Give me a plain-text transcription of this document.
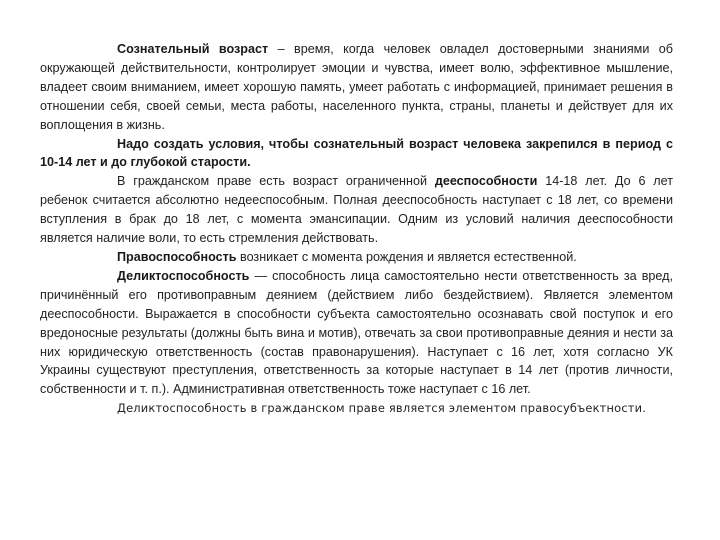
Сознательный возраст – время, когда человек овладел достоверными знаниями об окружающей действительности, контролирует эмоции и чувства, имеет волю, эффективное мышление, владеет своим вниманием, имеет хорошую память, умеет работать с информацией, принимает решения в отношении себя, своей семьи, места работы, населенного пункта, страны, планеты и действует для их воплощения в жизнь.

Надо создать условия, чтобы сознательный возраст человека закрепился в период с 10-14 лет и до глубокой старости.

В гражданском праве есть возраст ограниченной дееспособности 14-18 лет. До 6 лет ребенок считается абсолютно недееспособным. Полная дееспособность наступает с 18 лет, со времени вступления в брак до 18 лет, с момента эмансипации. Одним из условий наличия дееспособности является наличие воли, то есть стремления действовать.

Правоспособность возникает с момента рождения и является естественной.

Деликтоспособность — способность лица самостоятельно нести ответственность за вред, причинённый его противоправным деянием (действием либо бездействием). Является элементом дееспособности. Выражается в способности субъекта самостоятельно осознавать свой поступок и его вредоносные результаты (должны быть вина и мотив), отвечать за свои противоправные деяния и нести за них юридическую ответственность (состав правонарушения). Наступает с 16 лет, хотя согласно УК Украины существуют преступления, ответственность за которые наступает в 14 лет (против личности, собственности и т. п.). Административная ответственность тоже наступает с 16 лет.

Деликтоспособность в гражданском праве является элементом правосубъектности.
